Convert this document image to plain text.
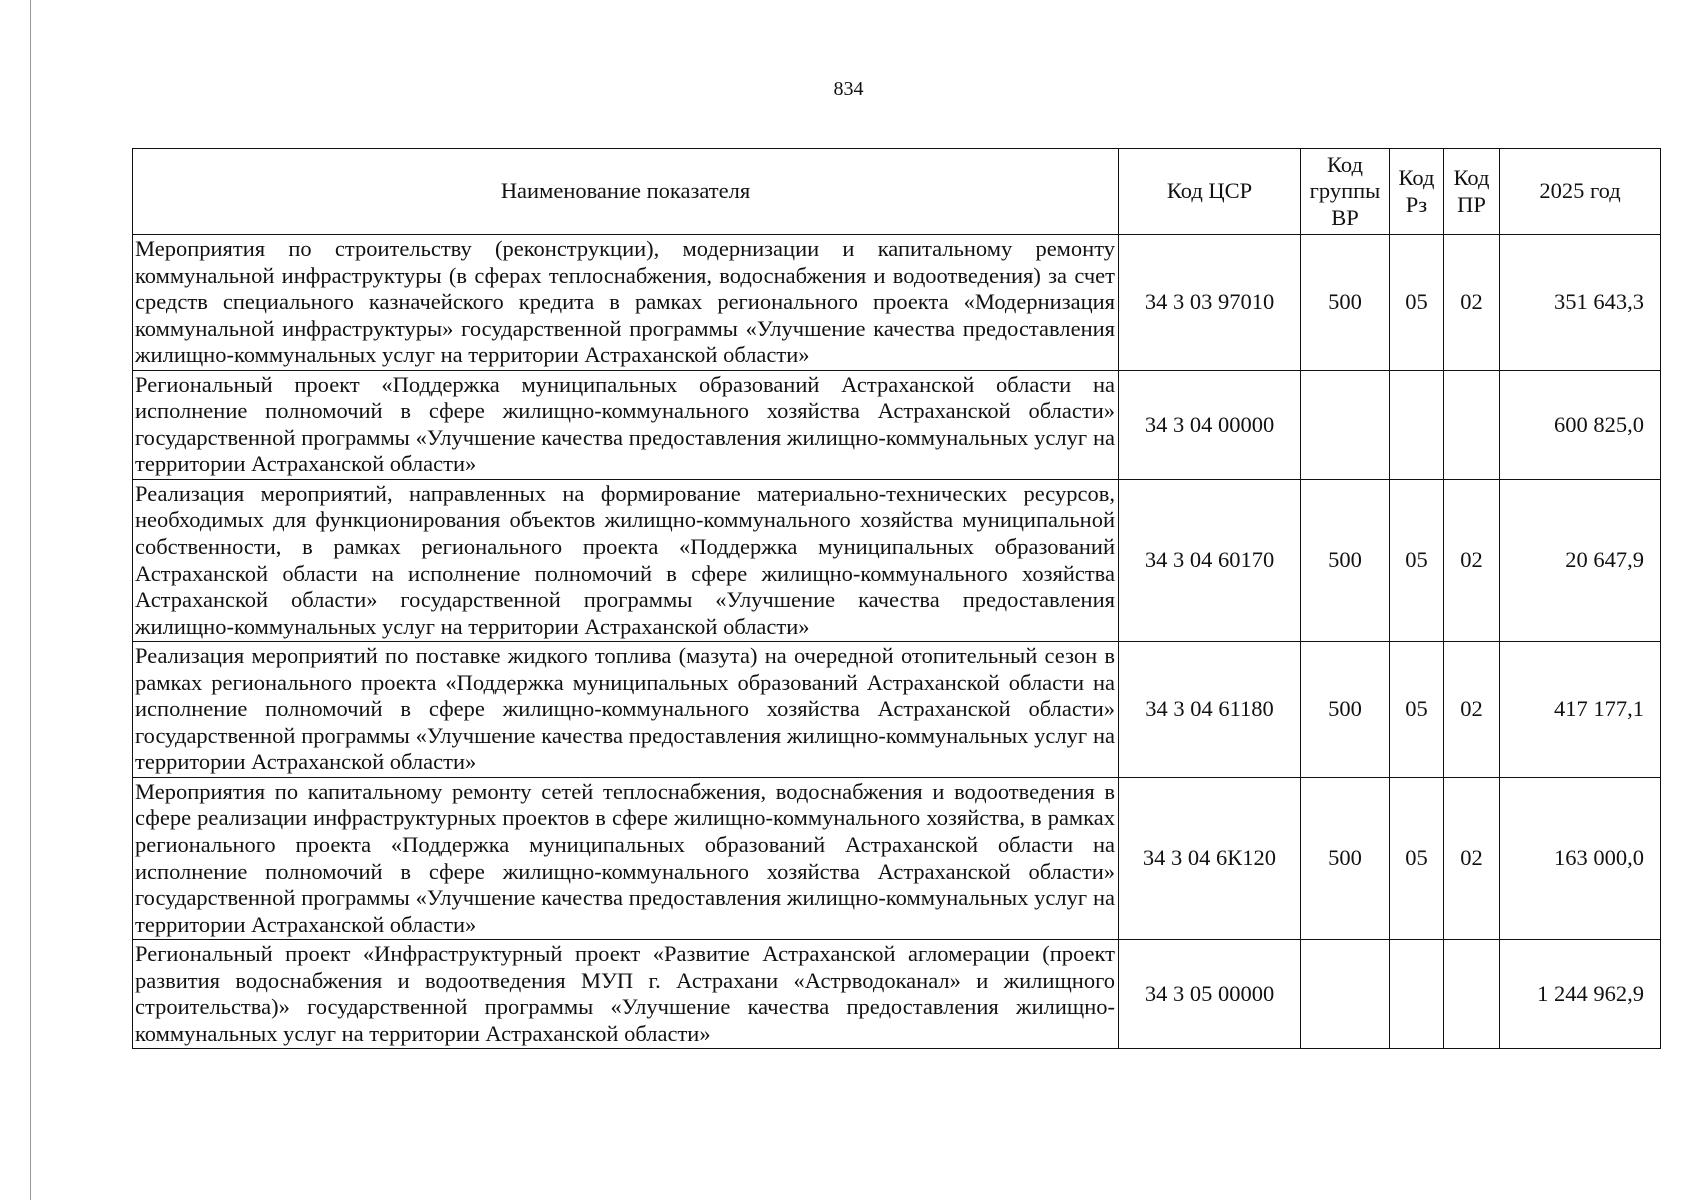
834
Наименование показателя	Код ЦСР	Код группы ВР	Код Рз	Код ПР	2025 год
Мероприятия по строительству (реконструкции), модернизации и капитальному ремонту коммунальной инфраструктуры (в сферах теплоснабжения, водоснабжения и водоотведения) за счет средств специального казначейского кредита в рамках регионального проекта «Модернизация коммунальной инфраструктуры» государственной программы «Улучшение качества предоставления жилищно-коммунальных услуг на территории Астраханской области»	34 3 03 97010	500	05	02	351 643,3
Региональный проект «Поддержка муниципальных образований Астраханской области на исполнение полномочий в сфере жилищно-коммунального хозяйства Астраханской области» государственной программы «Улучшение качества предоставления жилищно-коммунальных услуг на территории Астраханской области»	34 3 04 00000				600 825,0
Реализация мероприятий, направленных на формирование материально-технических ресурсов, необходимых для функционирования объектов жилищно-коммунального хозяйства муниципальной собственности, в рамках регионального проекта «Поддержка муниципальных образований Астраханской области на исполнение полномочий в сфере жилищно-коммунального хозяйства Астраханской области» государственной программы «Улучшение качества предоставления жилищно-коммунальных услуг на территории Астраханской области»	34 3 04 60170	500	05	02	20 647,9
Реализация мероприятий по поставке жидкого топлива (мазута) на очередной отопительный сезон в рамках регионального проекта «Поддержка муниципальных образований Астраханской области на исполнение полномочий в сфере жилищно-коммунального хозяйства Астраханской области» государственной программы «Улучшение качества предоставления жилищно-коммунальных услуг на территории Астраханской области»	34 3 04 61180	500	05	02	417 177,1
Мероприятия по капитальному ремонту сетей теплоснабжения, водоснабжения и водоотведения в сфере реализации инфраструктурных проектов в сфере жилищно-коммунального хозяйства, в рамках регионального проекта «Поддержка муниципальных образований Астраханской области на исполнение полномочий в сфере жилищно-коммунального хозяйства Астраханской области» государственной программы «Улучшение качества предоставления жилищно-коммунальных услуг на территории Астраханской области»	34 3 04 6К120	500	05	02	163 000,0
Региональный проект «Инфраструктурный проект «Развитие Астраханской агломерации (проект развития водоснабжения и водоотведения МУП г. Астрахани «Астрводоканал» и жилищного строительства)» государственной программы «Улучшение качества предоставления жилищно-коммунальных услуг на территории Астраханской области»	34 3 05 00000				1 244 962,9
